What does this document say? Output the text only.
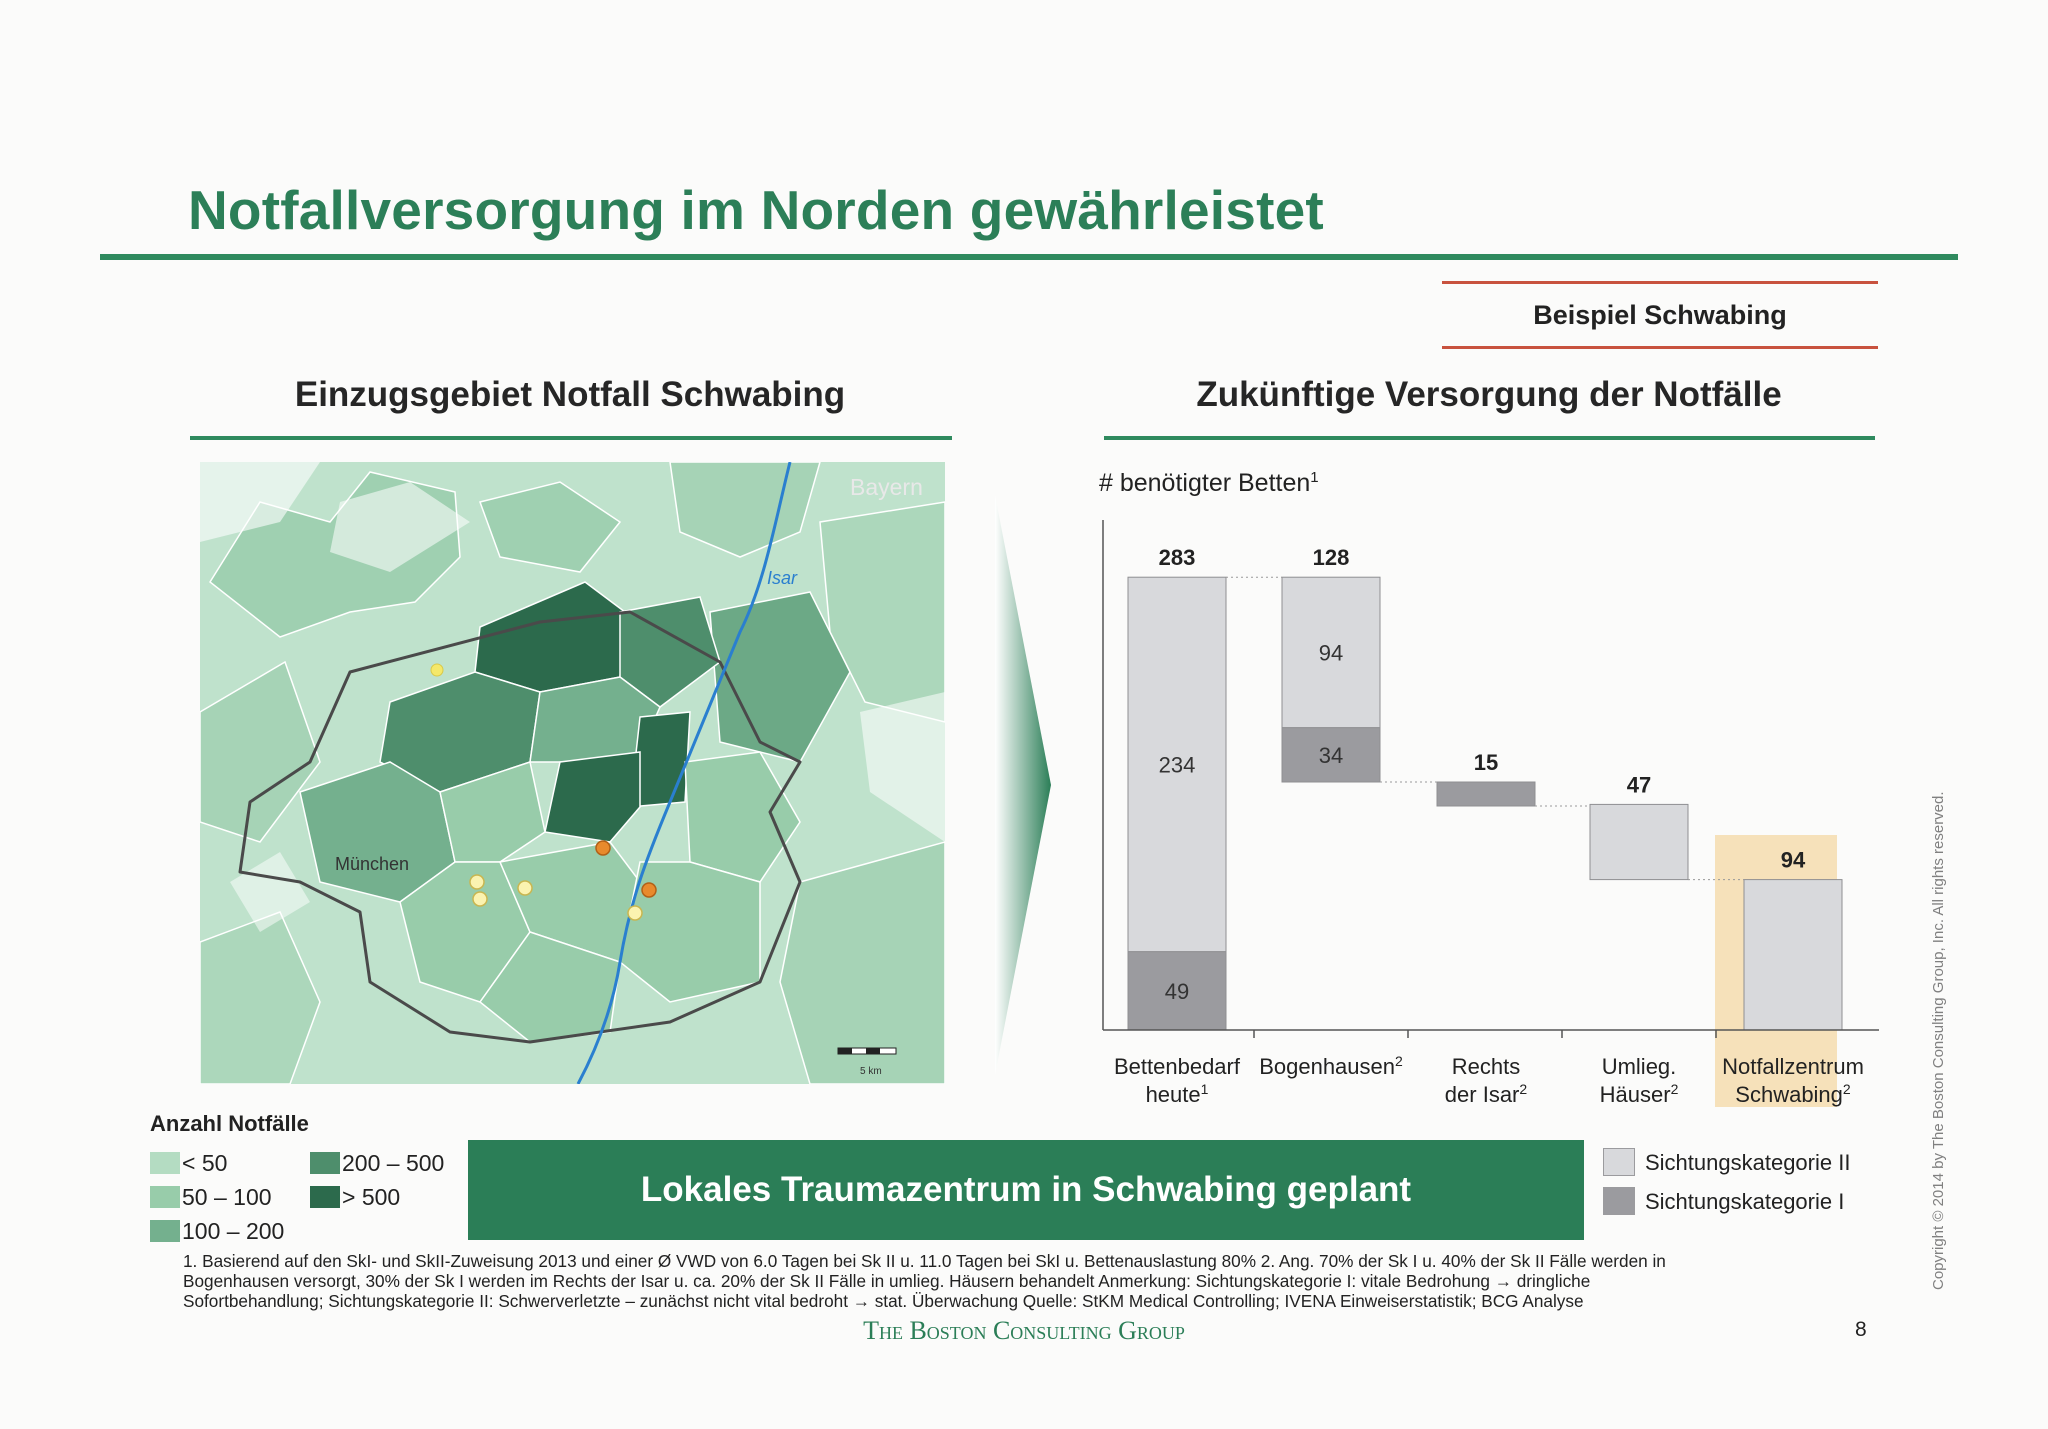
Notfallversorgung im Norden gewährleistet
Beispiel Schwabing
Einzugsgebiet Notfall Schwabing	Zukünftige Versorgung der Notfälle
Bayern
Isar
München
5 km
49
234
283
34
94
128
15
47
94
# benötigter Betten$^1$
Bettenbedarf
heute$^1$
Bogenhausen$^2$ Rechts
der Isar$^2$
Umlieg.
Häuser$^2$
Notfallzentrum
Schwabing$^2$
Anzahl Notfälle
< 50
50 – 100
100 – 200
200 – 500
> 500	Lokales Traumazentrum in Schwabing geplant
Sichtungskategorie II
Sichtungskategorie I
1. Basierend auf den SkI- und SkII-Zuweisung 2013 und einer Ø VWD von 6.0 Tagen bei Sk II u. 11.0 Tagen bei SkI u. Bettenauslastung 80% 2. Ang. 70% der Sk I u. 40% der Sk II Fälle werden in
Bogenhausen versorgt, 30% der Sk I werden im Rechts der Isar u. ca. 20% der Sk II Fälle in umlieg. Häusern behandelt Anmerkung: Sichtungskategorie I: vitale Bedrohung → dringliche
Sofortbehandlung; Sichtungskategorie II: Schwerverletzte – zunächst nicht vital bedroht → stat. Überwachung Quelle: StKM Medical Controlling; IVENA Einweiserstatistik; BCG Analyse
The Boston Consulting Group	8
Copyright © 2014 by The Boston Consulting Group, Inc. All rights reserved.
